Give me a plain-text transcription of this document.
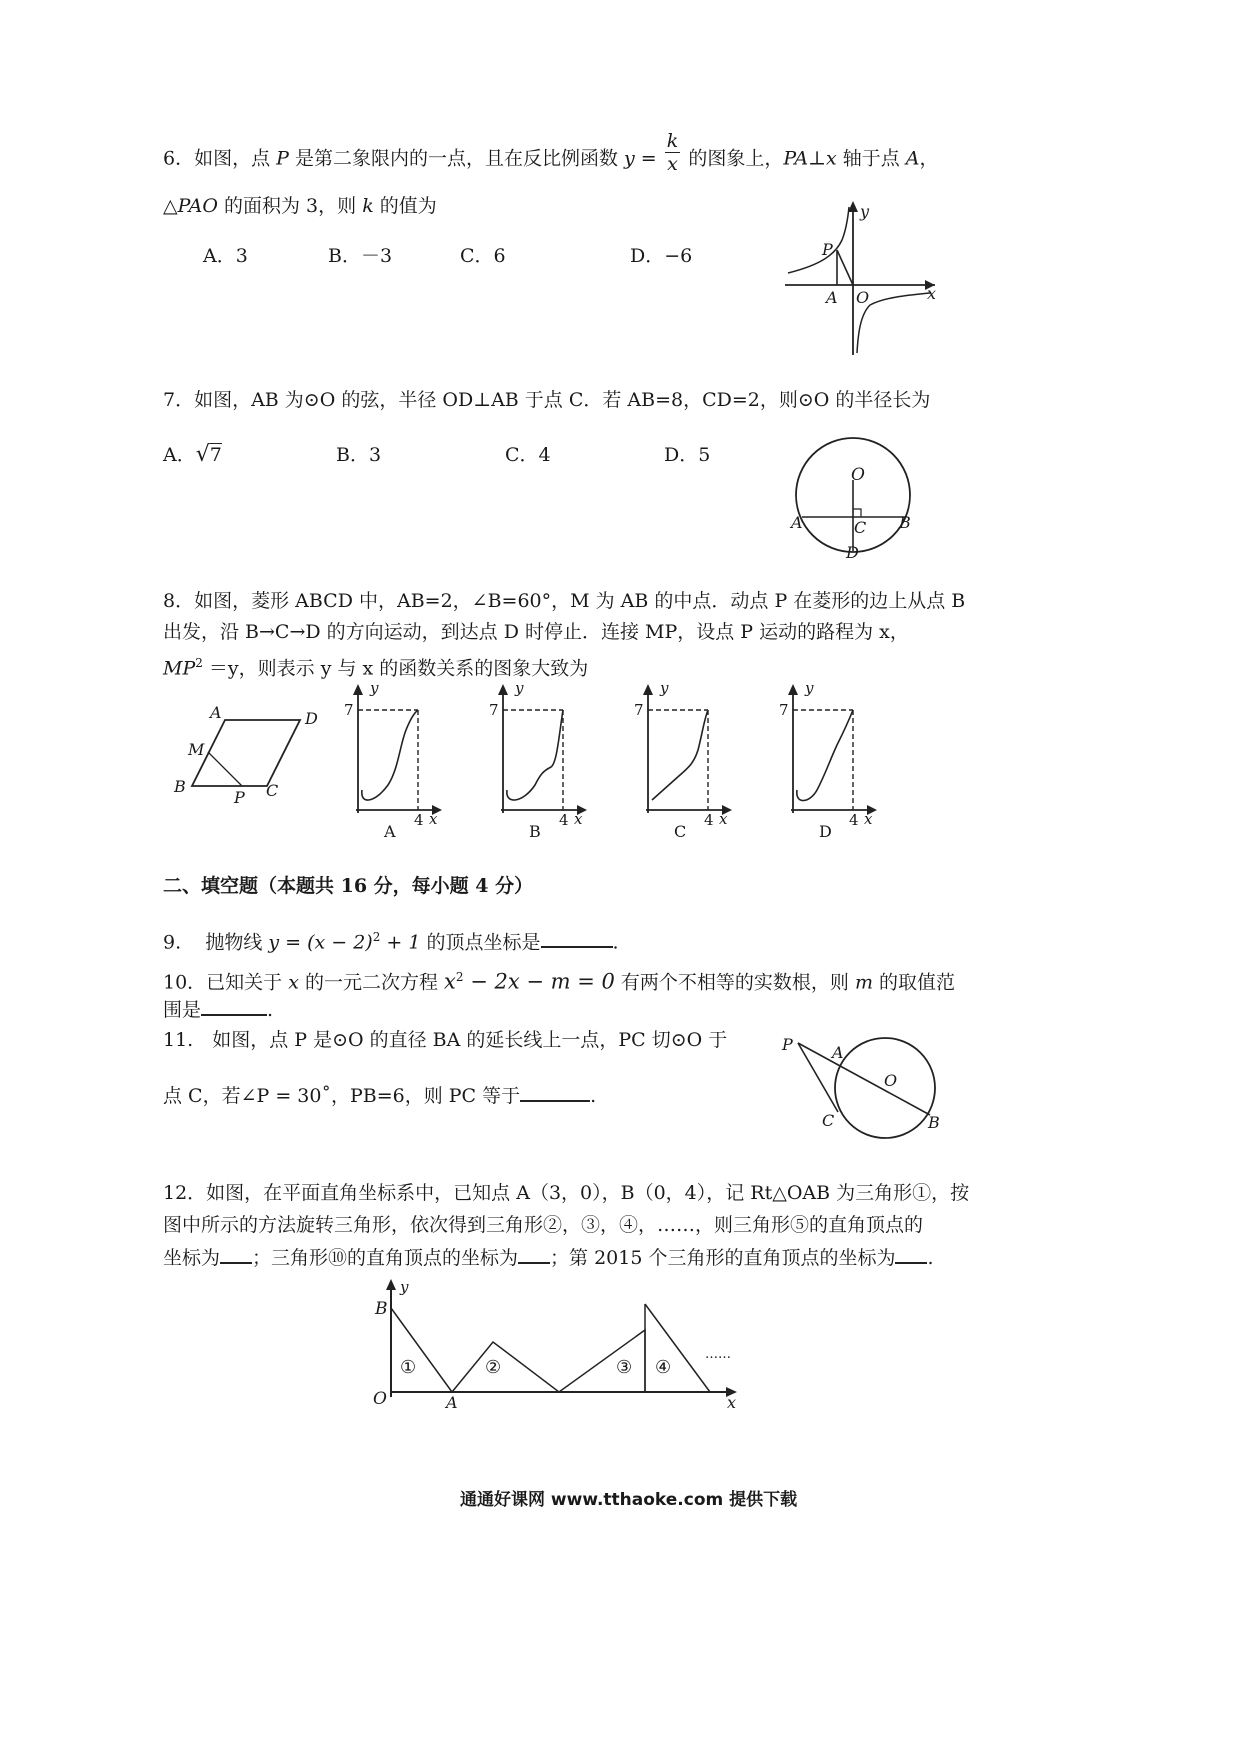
6．如图，点 P 是第二象限内的一点，且在反比例函数 $y = \frac{k}{x}$ 的图象上，PA⊥x 轴于点 A，
△PAO 的面积为 3，则 k 的值为
A．3	B．－3	C．6	D．−6
y
P
A O	x
7．如图，AB 为⊙O 的弦，半径 OD⊥AB 于点 C．若 AB=8，CD=2，则⊙O 的半径长为
A．√7	B．3	C．4	D．5
O
A	B
C
D
8．如图，菱形 ABCD 中，AB=2，∠B=60°，M 为 AB 的中点．动点 P 在菱形的边上从点 B
出发，沿 B→C→D 的方向运动，到达点 D 时停止．连接 MP，设点 P 运动的路程为 x，
$MP^2 =y$，则表示 y 与 x 的函数关系的图象大致为
A	D
M
B
P C
y
7
4 x
A
y
7
4 x
B
y
7
4 x
C
y
7
4 x
D
二、填空题（本题共 16 分，每小题 4 分）
9. 抛物线 $y = (x - 2)^2 + 1$ 的顶点坐标是	.
10．已知关于 x 的一元二次方程 $x^2 - 2x - m = 0$ 有两个不相等的实数根，则 m 的取值范
围是	.
11.　如图，点 P 是⊙O 的直径 BA 的延长线上一点，PC 切⊙O 于
点 C，若∠P = 30˚，PB=6，则 PC 等于	.
P A
O
C	B
12．如图，在平面直角坐标系中，已知点 A（3，0），B（0，4），记 Rt△OAB 为三角形①，按
图中所示的方法旋转三角形，依次得到三角形②，③，④，……，则三角形⑤的直角顶点的
坐标为 ；三角形⑩的直角顶点的坐标为 ；第 2015 个三角形的直角顶点的坐标为 .
y
B
O	A	x
①	②	③ ④
……
通通好课网 www.tthaoke.com 提供下载
